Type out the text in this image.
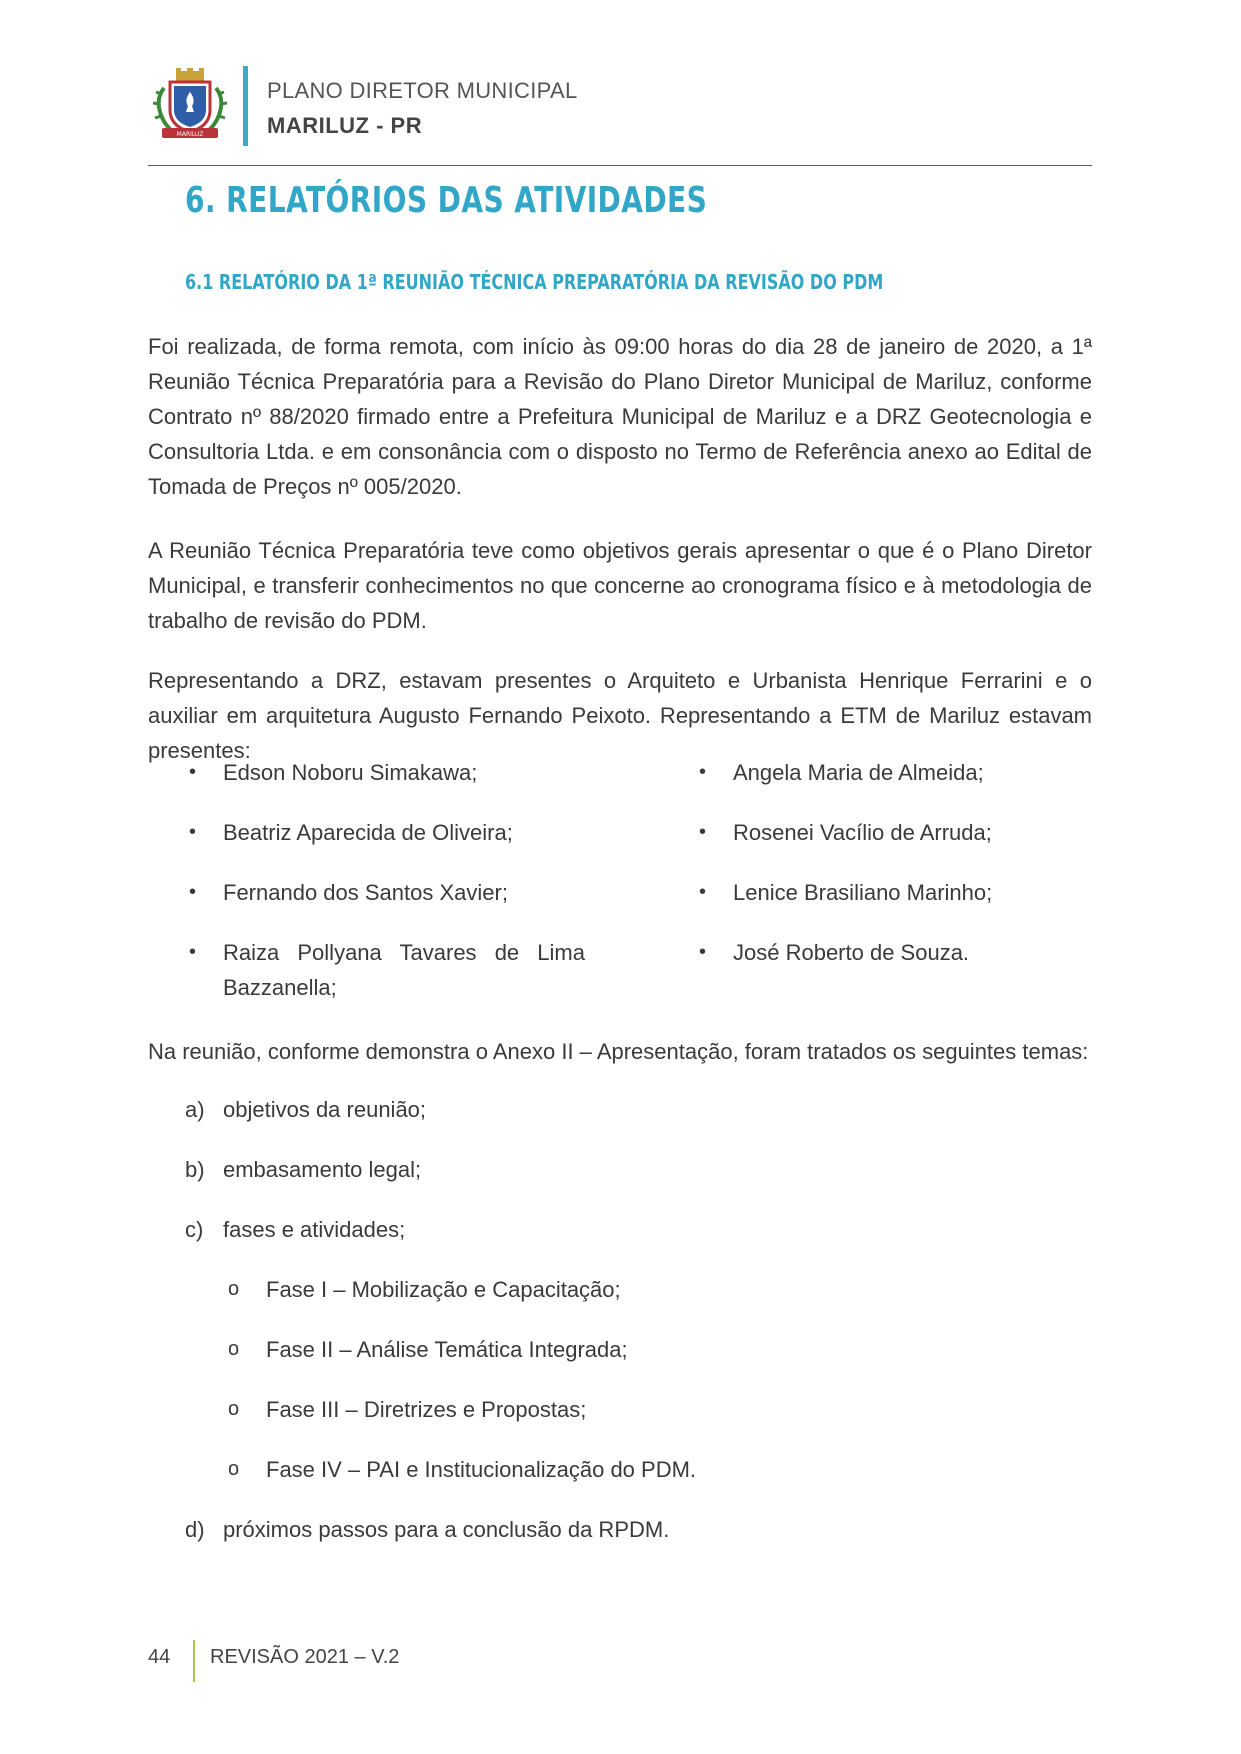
MARILUZ
PLANO DIRETOR MUNICIPAL
MARILUZ - PR
6. RELATÓRIOS DAS ATIVIDADES
6.1 RELATÓRIO DA 1ª REUNIÃO TÉCNICA PREPARATÓRIA DA REVISÃO DO PDM
Foi realizada, de forma remota, com início às 09:00 horas do dia 28 de janeiro de 2020, a 1ª Reunião Técnica Preparatória para a Revisão do Plano Diretor Municipal de Mariluz, conforme Contrato nº 88/2020 firmado entre a Prefeitura Municipal de Mariluz e a DRZ Geotecnologia e Consultoria Ltda. e em consonância com o disposto no Termo de Referência anexo ao Edital de Tomada de Preços nº 005/2020.
A Reunião Técnica Preparatória teve como objetivos gerais apresentar o que é o Plano Diretor Municipal, e transferir conhecimentos no que concerne ao cronograma físico e à metodologia de trabalho de revisão do PDM.
Representando a DRZ, estavam presentes o Arquiteto e Urbanista Henrique Ferrarini e o auxiliar em arquitetura Augusto Fernando Peixoto. Representando a ETM de Mariluz estavam presentes:
• Edson Noboru Simakawa;
• Beatriz Aparecida de Oliveira;
• Fernando dos Santos Xavier;
• Raiza Pollyana Tavares de Lima Bazzanella;
• Angela Maria de Almeida;
• Rosenei Vacílio de Arruda;
• Lenice Brasiliano Marinho;
• José Roberto de Souza.
Na reunião, conforme demonstra o Anexo II – Apresentação, foram tratados os seguintes temas:
a) objetivos da reunião;
b) embasamento legal;
c) fases e atividades;
o Fase I – Mobilização e Capacitação;
o Fase II – Análise Temática Integrada;
o Fase III – Diretrizes e Propostas;
o Fase IV – PAI e Institucionalização do PDM.
d) próximos passos para a conclusão da RPDM.
44 REVISÃO 2021 – V.2
